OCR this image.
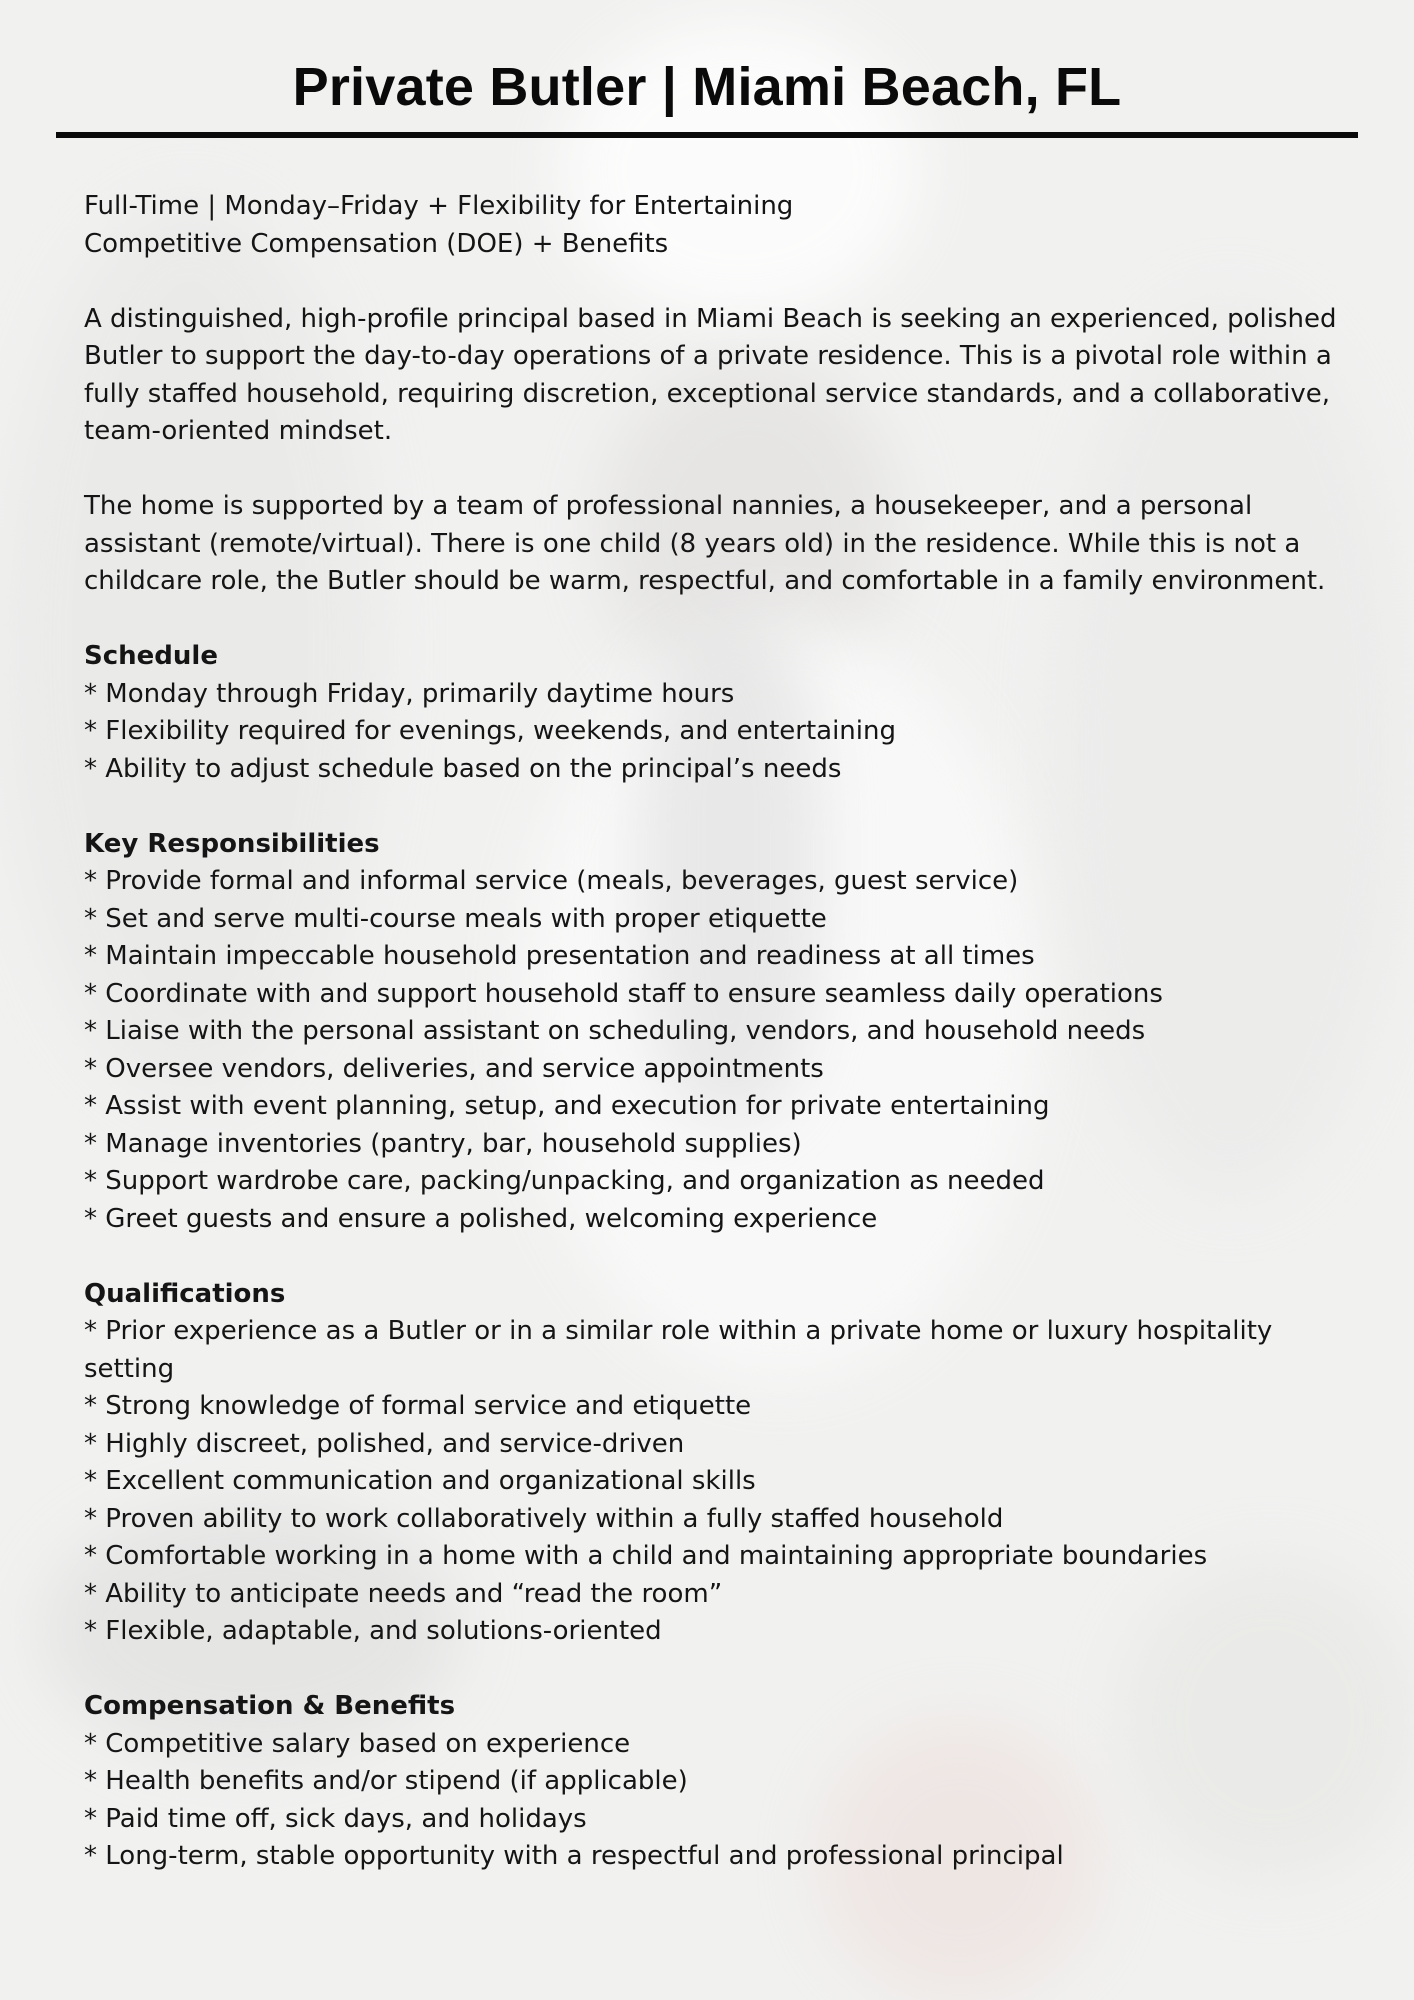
Private Butler | Miami Beach, FL

Full-Time | Monday–Friday + Flexibility for Entertaining

Competitive Compensation (DOE) + Benefits

A distinguished, high-profile principal based in Miami Beach is seeking an experienced, polished Butler to support the day-to-day operations of a private residence. This is a pivotal role within a fully staffed household, requiring discretion, exceptional service standards, and a collaborative, team-oriented mindset.

The home is supported by a team of professional nannies, a housekeeper, and a personal assistant (remote/virtual). There is one child (8 years old) in the residence. While this is not a childcare role, the Butler should be warm, respectful, and comfortable in a family environment.

Schedule

* Monday through Friday, primarily daytime hours
* Flexibility required for evenings, weekends, and entertaining
* Ability to adjust schedule based on the principal’s needs

Key Responsibilities

* Provide formal and informal service (meals, beverages, guest service)
* Set and serve multi-course meals with proper etiquette
* Maintain impeccable household presentation and readiness at all times
* Coordinate with and support household staff to ensure seamless daily operations
* Liaise with the personal assistant on scheduling, vendors, and household needs
* Oversee vendors, deliveries, and service appointments
* Assist with event planning, setup, and execution for private entertaining
* Manage inventories (pantry, bar, household supplies)
* Support wardrobe care, packing/unpacking, and organization as needed
* Greet guests and ensure a polished, welcoming experience

Qualifications

* Prior experience as a Butler or in a similar role within a private home or luxury hospitality setting
* Strong knowledge of formal service and etiquette
* Highly discreet, polished, and service-driven
* Excellent communication and organizational skills
* Proven ability to work collaboratively within a fully staffed household
* Comfortable working in a home with a child and maintaining appropriate boundaries
* Ability to anticipate needs and “read the room”
* Flexible, adaptable, and solutions-oriented

Compensation & Benefits

* Competitive salary based on experience
* Health benefits and/or stipend (if applicable)
* Paid time off, sick days, and holidays
* Long-term, stable opportunity with a respectful and professional principal
